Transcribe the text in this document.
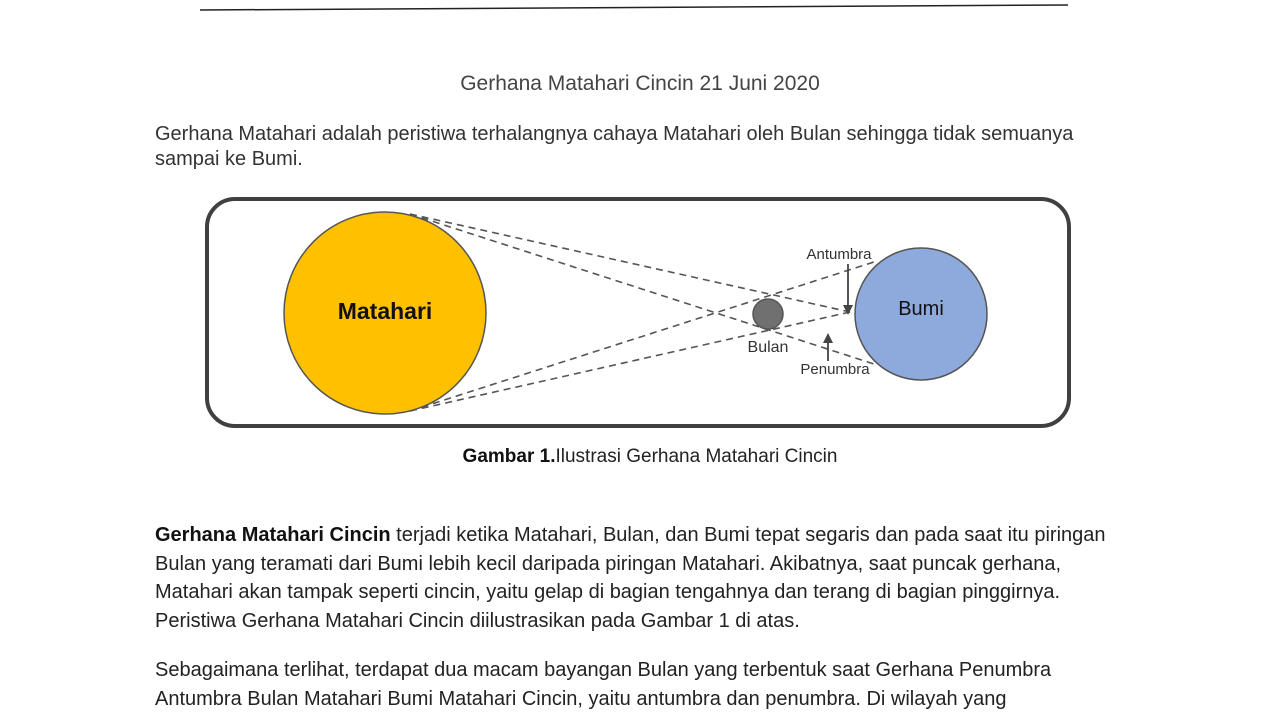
Gerhana Matahari Cincin 21 Juni 2020
Gerhana Matahari adalah peristiwa terhalangnya cahaya Matahari oleh Bulan sehingga tidak semuanya sampai ke Bumi.
Matahari
Bulan
Bumi
Antumbra
Penumbra
Gambar 1.Ilustrasi Gerhana Matahari Cincin
Gerhana Matahari Cincin terjadi ketika Matahari, Bulan, dan Bumi tepat segaris dan pada saat itu piringan Bulan yang teramati dari Bumi lebih kecil daripada piringan Matahari. Akibatnya, saat puncak gerhana, Matahari akan tampak seperti cincin, yaitu gelap di bagian tengahnya dan terang di bagian pinggirnya. Peristiwa Gerhana Matahari Cincin diilustrasikan pada Gambar 1 di atas.
Sebagaimana terlihat, terdapat dua macam bayangan Bulan yang terbentuk saat Gerhana Penumbra Antumbra Bulan Matahari Bumi Matahari Cincin, yaitu antumbra dan penumbra. Di wilayah yang
